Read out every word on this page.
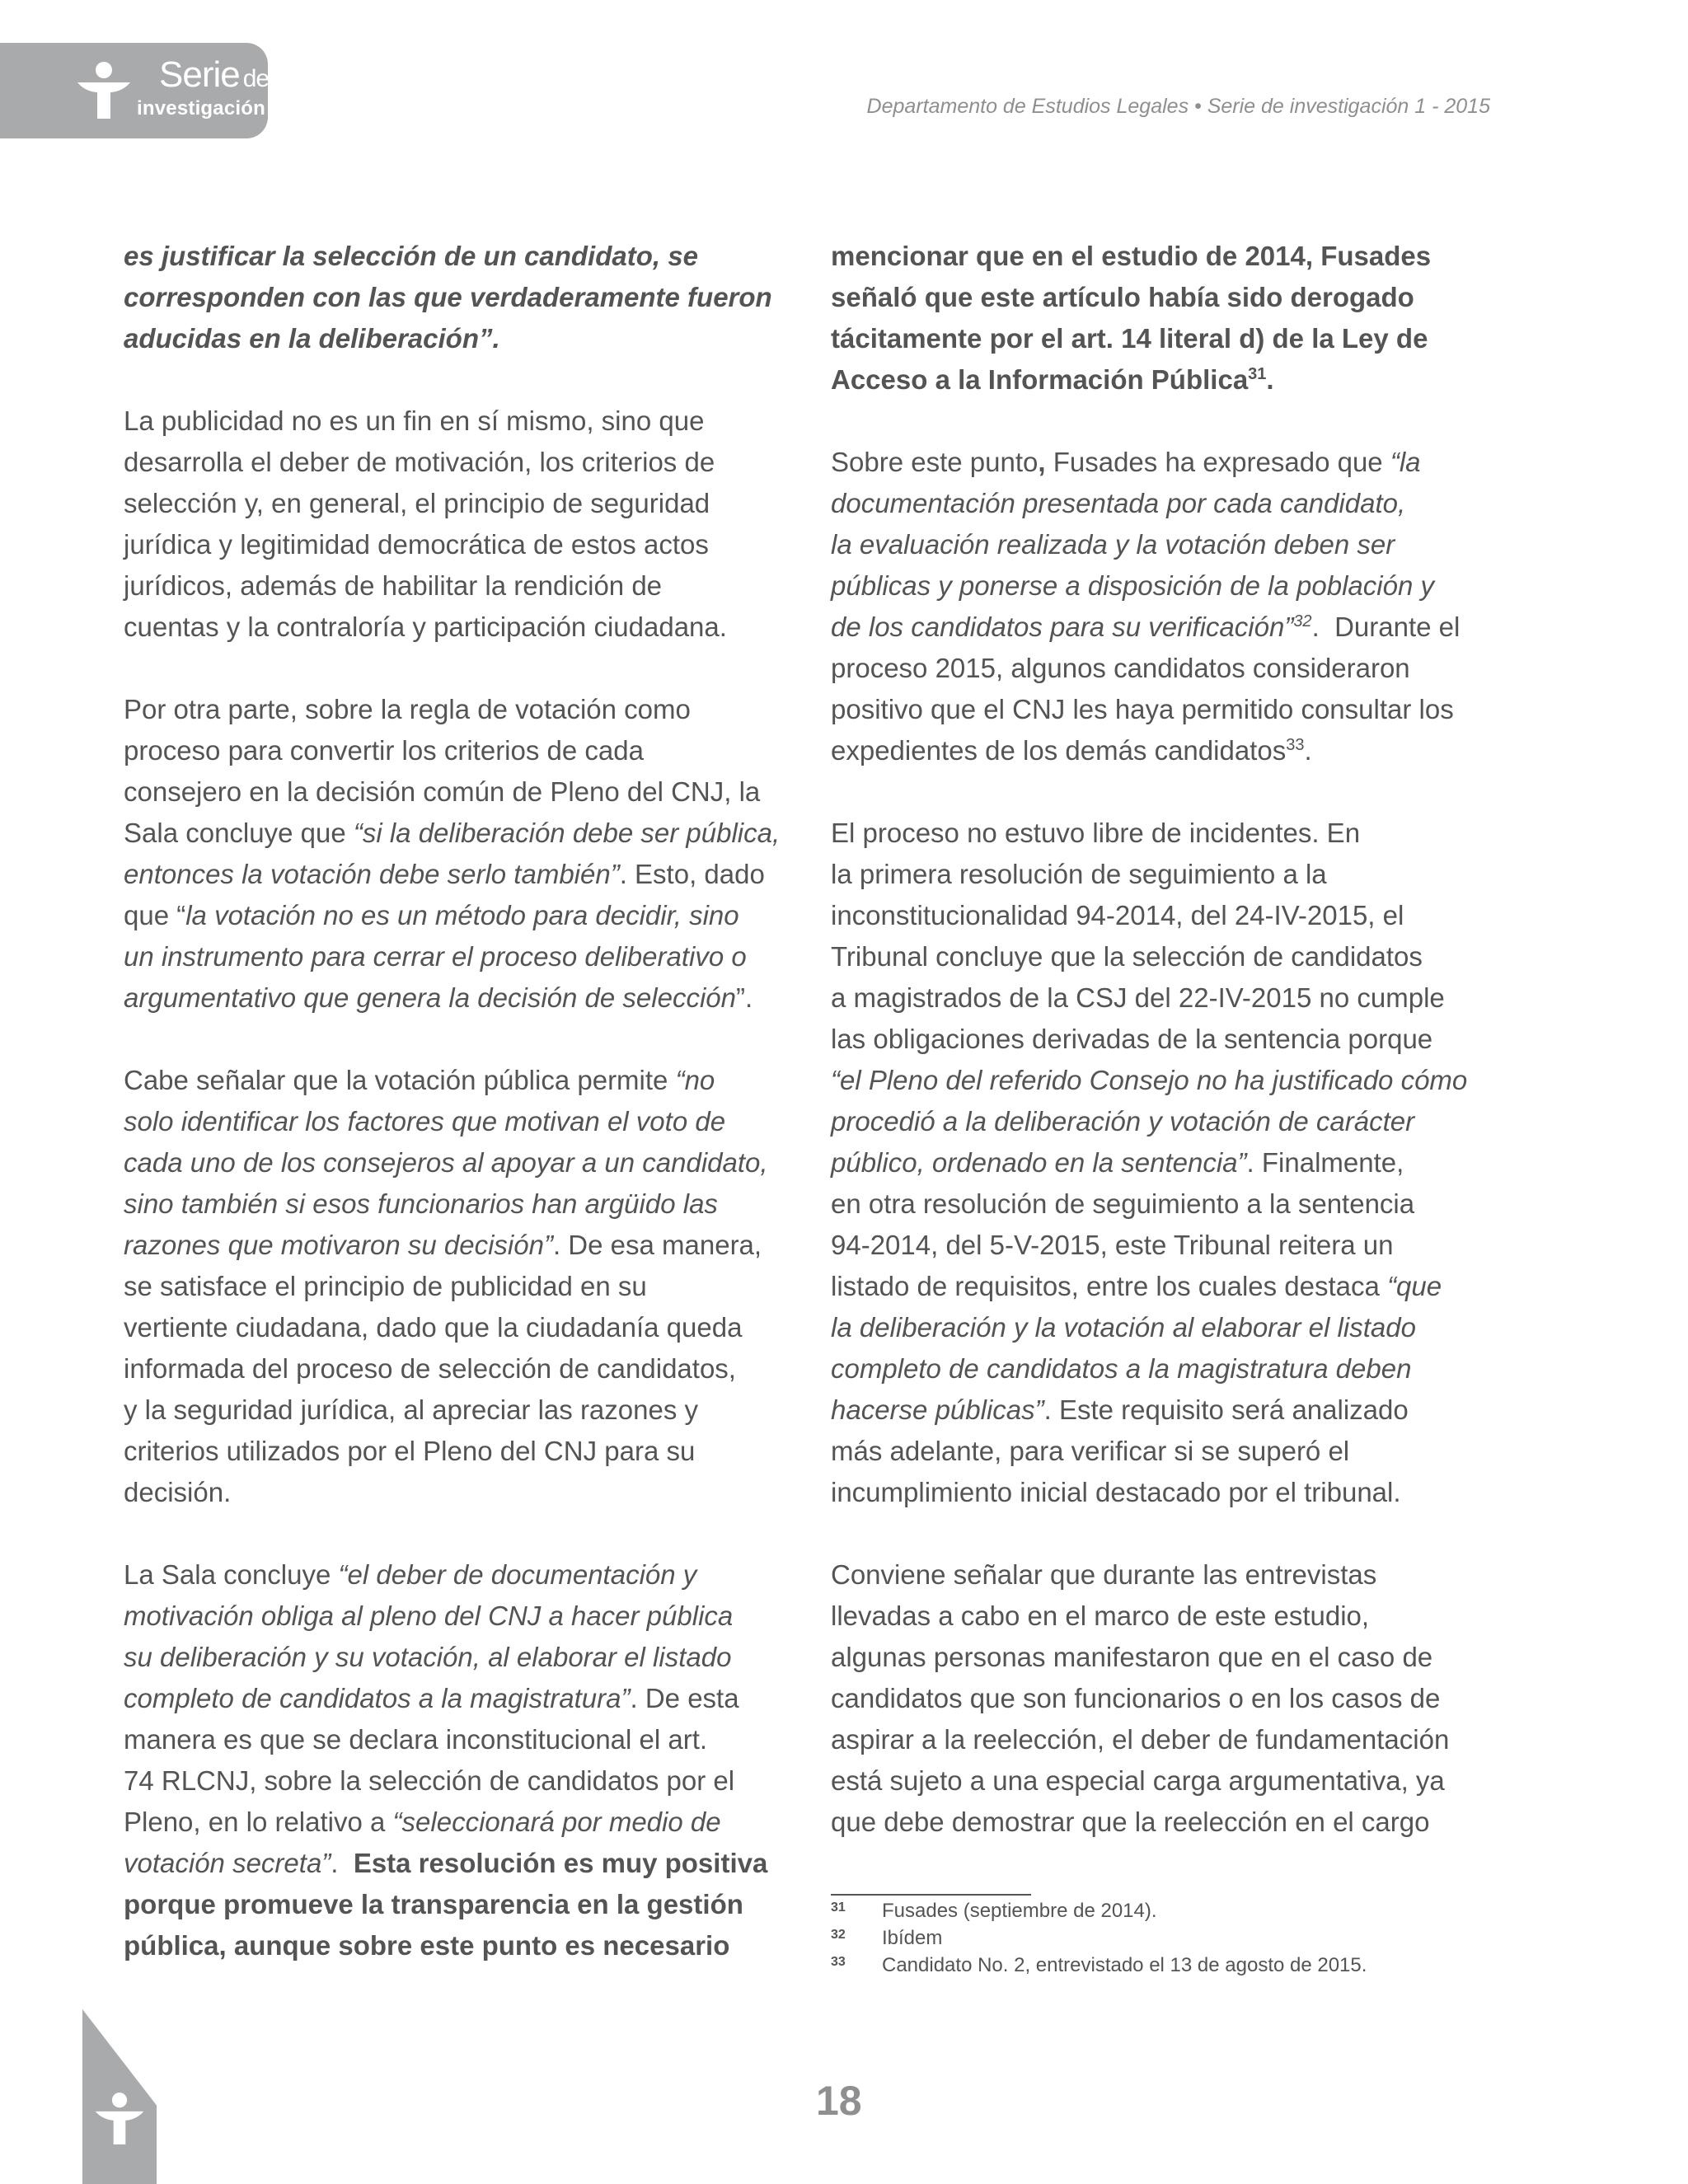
Serie de
investigación	Departamento de Estudios Legales • Serie de investigación 1 - 2015

es justificar la selección de un candidato, se
corresponden con las que verdaderamente fueron
aducidas en la deliberación”.

La publicidad no es un fin en sí mismo, sino que
desarrolla el deber de motivación, los criterios de
selección y, en general, el principio de seguridad
jurídica y legitimidad democrática de estos actos
jurídicos, además de habilitar la rendición de
cuentas y la contraloría y participación ciudadana.

Por otra parte, sobre la regla de votación como
proceso para convertir los criterios de cada
consejero en la decisión común de Pleno del CNJ, la
Sala concluye que “si la deliberación debe ser pública,
entonces la votación debe serlo también”. Esto, dado
que “la votación no es un método para decidir, sino
un instrumento para cerrar el proceso deliberativo o
argumentativo que genera la decisión de selección”.

Cabe señalar que la votación pública permite “no
solo identificar los factores que motivan el voto de
cada uno de los consejeros al apoyar a un candidato,
sino también si esos funcionarios han argüido las
razones que motivaron su decisión”. De esa manera,
se satisface el principio de publicidad en su
vertiente ciudadana, dado que la ciudadanía queda
informada del proceso de selección de candidatos,
y la seguridad jurídica, al apreciar las razones y
criterios utilizados por el Pleno del CNJ para su
decisión.

La Sala concluye “el deber de documentación y
motivación obliga al pleno del CNJ a hacer pública
su deliberación y su votación, al elaborar el listado
completo de candidatos a la magistratura”. De esta
manera es que se declara inconstitucional el art.
74 RLCNJ, sobre la selección de candidatos por el
Pleno, en lo relativo a “seleccionará por medio de
votación secreta”.  Esta resolución es muy positiva
porque promueve la transparencia en la gestión
pública, aunque sobre este punto es necesario

mencionar que en el estudio de 2014, Fusades
señaló que este artículo había sido derogado
tácitamente por el art. 14 literal d) de la Ley de
Acceso a la Información Pública$^{31}$.

Sobre este punto, Fusades ha expresado que “la
documentación presentada por cada candidato,
la evaluación realizada y la votación deben ser
públicas y ponerse a disposición de la población y
de los candidatos para su verificación”$^{32}$.  Durante el
proceso 2015, algunos candidatos consideraron
positivo que el CNJ les haya permitido consultar los
expedientes de los demás candidatos$^{33}$.

El proceso no estuvo libre de incidentes. En
la primera resolución de seguimiento a la
inconstitucionalidad 94-2014, del 24-IV-2015, el
Tribunal concluye que la selección de candidatos
a magistrados de la CSJ del 22-IV-2015 no cumple
las obligaciones derivadas de la sentencia porque
“el Pleno del referido Consejo no ha justificado cómo
procedió a la deliberación y votación de carácter
público, ordenado en la sentencia”. Finalmente,
en otra resolución de seguimiento a la sentencia
94-2014, del 5-V-2015, este Tribunal reitera un
listado de requisitos, entre los cuales destaca “que
la deliberación y la votación al elaborar el listado
completo de candidatos a la magistratura deben
hacerse públicas”. Este requisito será analizado
más adelante, para verificar si se superó el
incumplimiento inicial destacado por el tribunal.

Conviene señalar que durante las entrevistas
llevadas a cabo en el marco de este estudio,
algunas personas manifestaron que en el caso de
candidatos que son funcionarios o en los casos de
aspirar a la reelección, el deber de fundamentación
está sujeto a una especial carga argumentativa, ya
que debe demostrar que la reelección en el cargo

31 Fusades (septiembre de 2014).
32 Ibídem
33 Candidato No. 2, entrevistado el 13 de agosto de 2015.
18
